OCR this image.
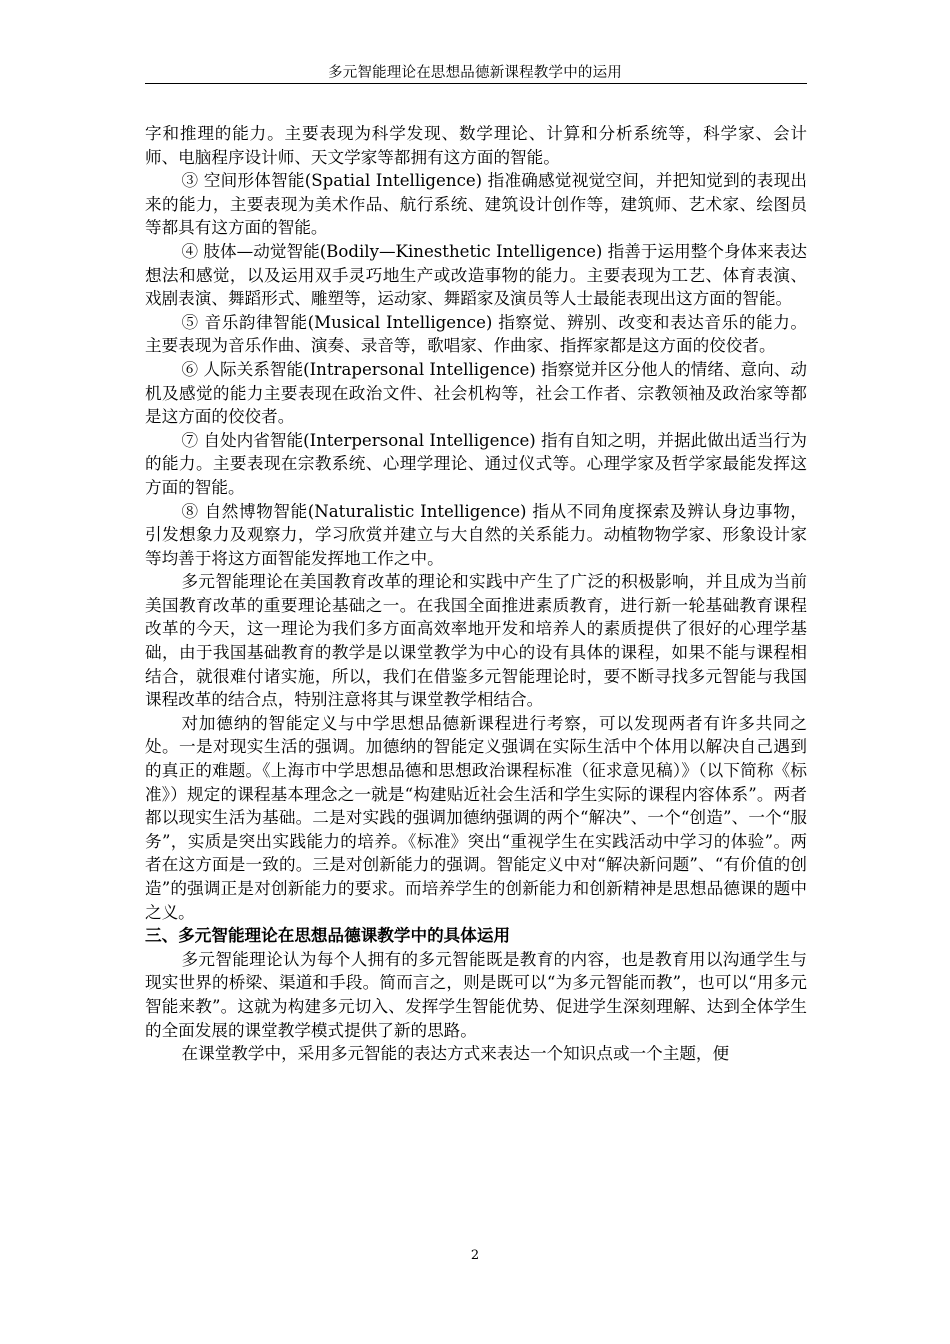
多元智能理论在思想品德新课程教学中的运用

字和推理的能力。主要表现为科学发现、数学理论、计算和分析系统等，科学家、会计师、电脑程序设计师、天文学家等都拥有这方面的智能。

③ 空间形体智能(Spatial Intelligence) 指准确感觉视觉空间，并把知觉到的表现出来的能力，主要表现为美术作品、航行系统、建筑设计创作等，建筑师、艺术家、绘图员等都具有这方面的智能。

④ 肢体—动觉智能(Bodily—Kinesthetic Intelligence) 指善于运用整个身体来表达想法和感觉，以及运用双手灵巧地生产或改造事物的能力。主要表现为工艺、体育表演、戏剧表演、舞蹈形式、雕塑等，运动家、舞蹈家及演员等人士最能表现出这方面的智能。

⑤ 音乐韵律智能(Musical Intelligence) 指察觉、辨别、改变和表达音乐的能力。主要表现为音乐作曲、演奏、录音等，歌唱家、作曲家、指挥家都是这方面的佼佼者。

⑥ 人际关系智能(Intrapersonal Intelligence) 指察觉并区分他人的情绪、意向、动机及感觉的能力主要表现在政治文件、社会机构等，社会工作者、宗教领袖及政治家等都是这方面的佼佼者。

⑦ 自处内省智能(Interpersonal Intelligence) 指有自知之明，并据此做出适当行为的能力。主要表现在宗教系统、心理学理论、通过仪式等。心理学家及哲学家最能发挥这方面的智能。

⑧ 自然博物智能(Naturalistic Intelligence) 指从不同角度探索及辨认身边事物，引发想象力及观察力，学习欣赏并建立与大自然的关系能力。动植物物学家、形象设计家等均善于将这方面智能发挥地工作之中。

多元智能理论在美国教育改革的理论和实践中产生了广泛的积极影响，并且成为当前美国教育改革的重要理论基础之一。在我国全面推进素质教育，进行新一轮基础教育课程改革的今天，这一理论为我们多方面高效率地开发和培养人的素质提供了很好的心理学基础，由于我国基础教育的教学是以课堂教学为中心的设有具体的课程，如果不能与课程相结合，就很难付诸实施，所以，我们在借鉴多元智能理论时，要不断寻找多元智能与我国课程改革的结合点，特别注意将其与课堂教学相结合。

对加德纳的智能定义与中学思想品德新课程进行考察，可以发现两者有许多共同之处。一是对现实生活的强调。加德纳的智能定义强调在实际生活中个体用以解决自己遇到的真正的难题。《上海市中学思想品德和思想政治课程标准（征求意见稿）》（以下简称《标准》）规定的课程基本理念之一就是“构建贴近社会生活和学生实际的课程内容体系”。两者都以现实生活为基础。二是对实践的强调加德纳强调的两个“解决”、一个“创造”、一个“服务”，实质是突出实践能力的培养。《标准》突出“重视学生在实践活动中学习的体验”。两者在这方面是一致的。三是对创新能力的强调。智能定义中对“解决新问题”、“有价值的创造”的强调正是对创新能力的要求。而培养学生的创新能力和创新精神是思想品德课的题中之义。

三、多元智能理论在思想品德课教学中的具体运用

多元智能理论认为每个人拥有的多元智能既是教育的内容，也是教育用以沟通学生与现实世界的桥梁、渠道和手段。简而言之，则是既可以“为多元智能而教”，也可以“用多元智能来教”。这就为构建多元切入、发挥学生智能优势、促进学生深刻理解、达到全体学生的全面发展的课堂教学模式提供了新的思路。

在课堂教学中，采用多元智能的表达方式来表达一个知识点或一个主题，便

2
